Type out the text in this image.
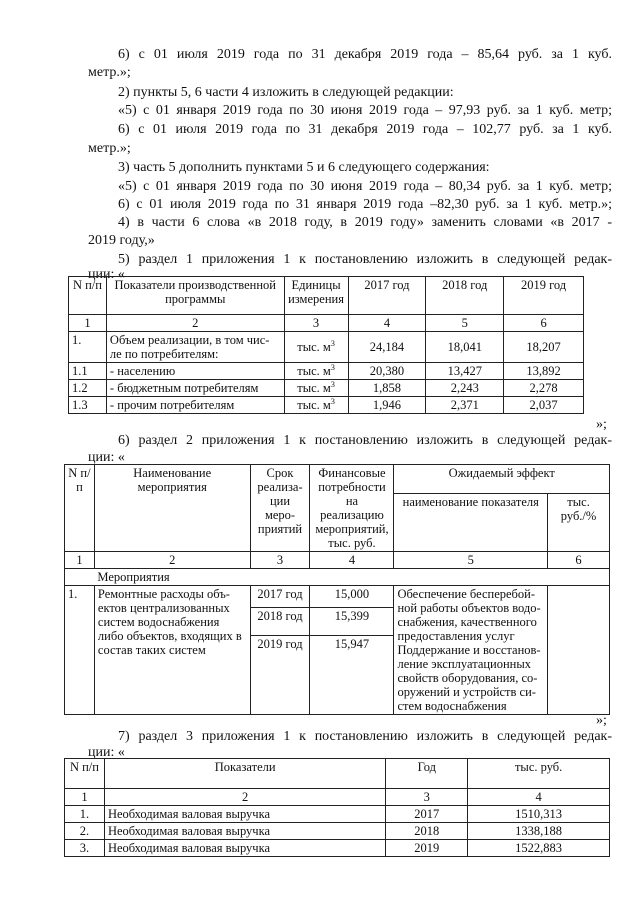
6) с 01 июля 2019 года по 31 декабря 2019 года – 85,64 руб. за 1 куб.
метр.»;
2) пункты 5, 6 части 4 изложить в следующей редакции:
«5) с 01 января 2019 года по 30 июня 2019 года – 97,93 руб. за 1 куб. метр;
6) с 01 июля 2019 года по 31 декабря 2019 года – 102,77 руб. за 1 куб.
метр.»;
3) часть 5 дополнить пунктами 5 и 6 следующего содержания:
«5) с 01 января 2019 года по 30 июня 2019 года – 80,34 руб. за 1 куб. метр;
6) с 01 июля 2019 года по 31 января 2019 года –82,30 руб. за 1 куб. метр.»;
4) в части 6 слова «в 2018 году, в 2019 году» заменить словами «в 2017 -
2019 году,»
5) раздел 1 приложения 1 к постановлению изложить в следующей редак-
ции: «
N п/п	Показатели производственной программы	Единицы измерения	2017 год	2018 год	2019 год
1	2	3	4	5	6
1.	Объем реализации, в том чис-ле по потребителям:	тыс. $м^3$	24,184	18,041	18,207
1.1	- населению	тыс. $м^3$	20,380	13,427	13,892
1.2	- бюджетным потребителям	тыс. $м^3$	1,858	2,243	2,278
1.3	- прочим потребителям	тыс. $м^3$	1,946	2,371	2,037
»;
6) раздел 2 приложения 1 к постановлению изложить в следующей редак-
ции: «
N п/п	Наименование мероприятия	Срок реализа-ции меро-приятий	Финансовые потребности на реализацию мероприятий, тыс. руб.	Ожидаемый эффект	
				наименование показателя	тыс. руб./%
1	2	3	4	5	6
	Мероприятия				
1.	Ремонтные расходы объ-ектов централизованных систем водоснабжения либо объектов, входящих в состав таких систем	2017 год	15,000	Обеспечение бесперебой-ной работы объектов водо-снабжения, качественного предоставления услуг Поддержание и восстанов-ление эксплуатационных свойств оборудования, со-оружений и устройств си-стем водоснабжения	
		2018 год	15,399		
		2019 год	15,947		
»;
7) раздел 3 приложения 1 к постановлению изложить в следующей редак-
ции: «
N п/п	Показатели	Год	тыс. руб.
1	2	3	4
1.	Необходимая валовая выручка	2017	1510,313
2.	Необходимая валовая выручка	2018	1338,188
3.	Необходимая валовая выручка	2019	1522,883
